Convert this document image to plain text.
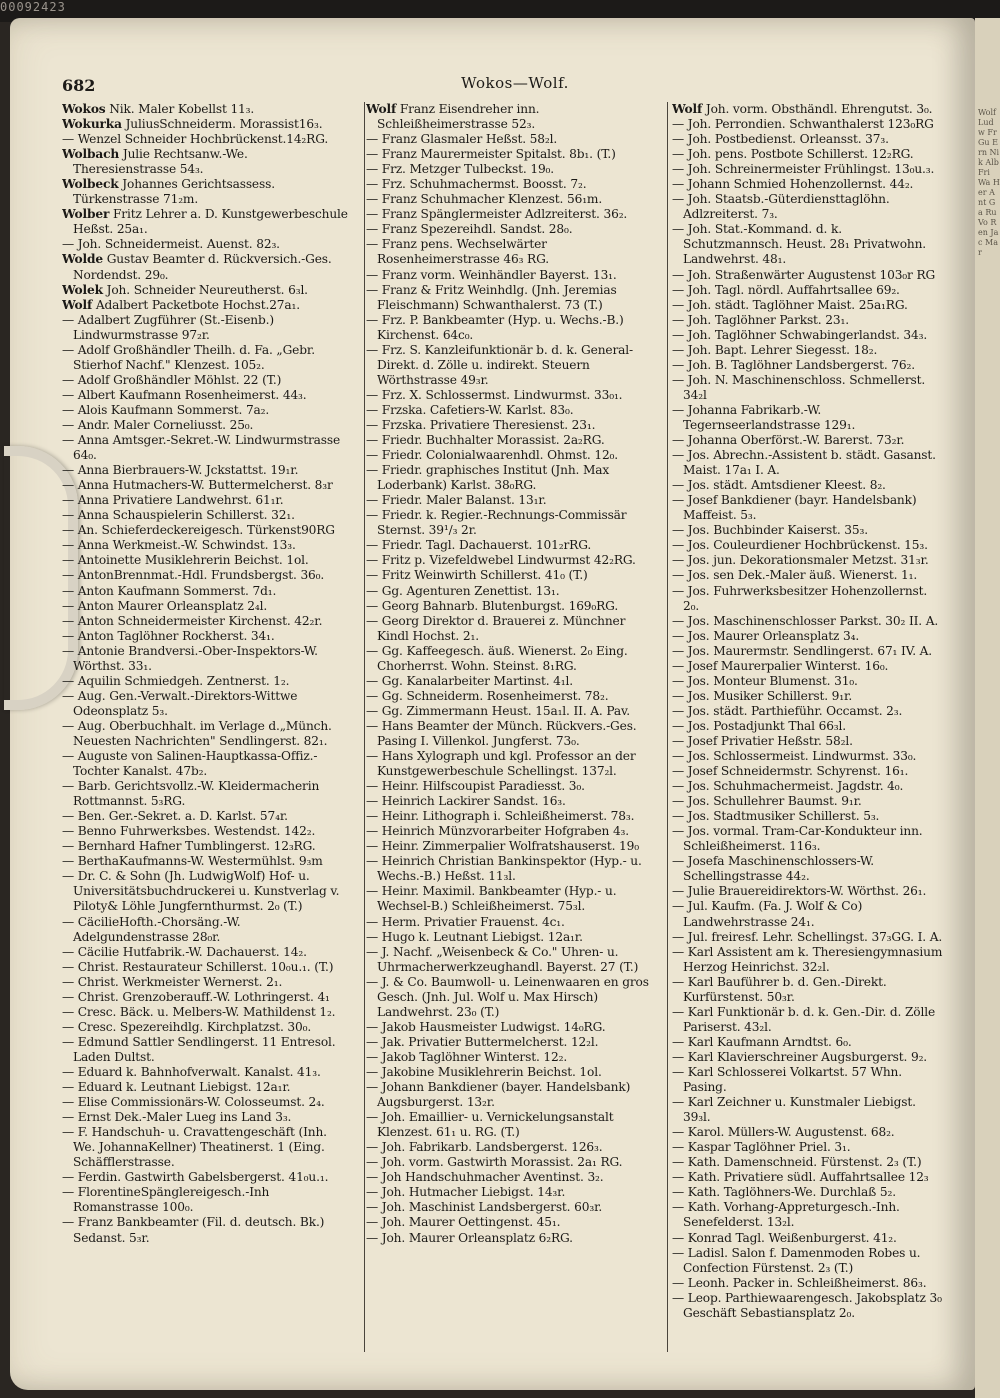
00092423
Wolf Ludw Fr Gu Ern Nik Alb Fri Wa Her Ant Ga Ru Vo Ren Jac Mar
682	Wokos—Wolf.
Wokos Nik. Maler Kobellst 11₃.
Wokurka JuliusSchneiderm. Morassist16₃.
— Wenzel Schneider Hochbrückenst.14₂RG.
Wolbach Julie Rechtsanw.-We. Theresienstrasse 54₃.
Wolbeck Johannes Gerichtsassess. Türkenstrasse 71₂m.
Wolber Fritz Lehrer a. D. Kunstgewerbeschule Heßst. 25a₁.
— Joh. Schneidermeist. Auenst. 82₃.
Wolde Gustav Beamter d. Rückversich.-Ges. Nordendst. 29₀.
Wolek Joh. Schneider Neureutherst. 6₃l.
Wolf Adalbert Packetbote Hochst.27a₁.
— Adalbert Zugführer (St.-Eisenb.) Lindwurmstrasse 97₂r.
— Adolf Großhändler Theilh. d. Fa. „Gebr. Stierhof Nachf." Klenzest. 105₂.
— Adolf Großhändler Möhlst. 22 (T.)
— Albert Kaufmann Rosenheimerst. 44₃.
— Alois Kaufmann Sommerst. 7a₂.
— Andr. Maler Corneliusst. 25₀.
— Anna Amtsger.-Sekret.-W. Lindwurmstrasse 64₀.
— Anna Bierbrauers-W. Jckstattst. 19₁r.
— Anna Hutmachers-W. Buttermelcherst. 8₃r
— Anna Privatiere Landwehrst. 61₁r.
— Anna Schauspielerin Schillerst. 32₁.
— An. Schieferdeckereigesch. Türkenst90RG
— Anna Werkmeist.-W. Schwindst. 13₃.
— Antoinette Musiklehrerin Beichst. 1ol.
— AntonBrennmat.-Hdl. Frundsbergst. 36₀.
— Anton Kaufmann Sommerst. 7d₁.
— Anton Maurer Orleansplatz 2₄l.
— Anton Schneidermeister Kirchenst. 42₂r.
— Anton Taglöhner Rockherst. 34₁.
— Antonie Brandversi.-Ober-Inspektors-W. Wörthst. 33₁.
— Aquilin Schmiedgeh. Zentnerst. 1₂.
— Aug. Gen.-Verwalt.-Direktors-Wittwe Odeonsplatz 5₃.
— Aug. Oberbuchhalt. im Verlage d.„Münch. Neuesten Nachrichten" Sendlingerst. 82₁.
— Auguste von Salinen-Hauptkassa-Offiz.-Tochter Kanalst. 47b₂.
— Barb. Gerichtsvollz.-W. Kleidermacherin Rottmannst. 5₃RG.
— Ben. Ger.-Sekret. a. D. Karlst. 57₄r.
— Benno Fuhrwerksbes. Westendst. 142₂.
— Bernhard Hafner Tumblingerst. 12₃RG.
— BerthaKaufmanns-W. Westermühlst. 9₃m
— Dr. C. & Sohn (Jh. LudwigWolf) Hof- u. Universitätsbuchdruckerei u. Kunstverlag v. Piloty& Löhle Jungfernthurmst. 2₀ (T.)
— CäcilieHofth.-Chorsäng.-W. Adelgundenstrasse 28₀r.
— Cäcilie Hutfabrik.-W. Dachauerst. 14₂.
— Christ. Restaurateur Schillerst. 10₀u.₁. (T.)
— Christ. Werkmeister Wernerst. 2₁.
— Christ. Grenzoberauff.-W. Lothringerst. 4₁
— Cresc. Bäck. u. Melbers-W. Mathildenst 1₂.
— Cresc. Spezereihdlg. Kirchplatzst. 30₀.
— Edmund Sattler Sendlingerst. 11 Entresol. Laden Dultst.
— Eduard k. Bahnhofverwalt. Kanalst. 41₃.
— Eduard k. Leutnant Liebigst. 12a₁r.
— Elise Commissionärs-W. Colosseumst. 2₄.
— Ernst Dek.-Maler Lueg ins Land 3₃.
— F. Handschuh- u. Cravattengeschäft (Inh. We. JohannaKellner) Theatinerst. 1 (Eing. Schäfflerstrasse.
— Ferdin. Gastwirth Gabelsbergerst. 41₀u.₁.
— FlorentineSpänglereigesch.-Inh Romanstrasse 100₀.
— Franz Bankbeamter (Fil. d. deutsch. Bk.) Sedanst. 5₃r.
Wolf Franz Eisendreher inn. Schleißheimerstrasse 52₃.
— Franz Glasmaler Heßst. 58₂l.
— Franz Maurermeister Spitalst. 8b₁. (T.)
— Frz. Metzger Tulbeckst. 19₀.
— Frz. Schuhmachermst. Boosst. 7₂.
— Franz Schuhmacher Klenzest. 56₁m.
— Franz Spänglermeister Adlzreiterst. 36₂.
— Franz Spezereihdl. Sandst. 28₀.
— Franz pens. Wechselwärter Rosenheimerstrasse 46₃ RG.
— Franz vorm. Weinhändler Bayerst. 13₁.
— Franz & Fritz Weinhdlg. (Jnh. Jeremias Fleischmann) Schwanthalerst. 73 (T.)
— Frz. P. Bankbeamter (Hyp. u. Wechs.-B.) Kirchenst. 64c₀.
— Frz. S. Kanzleifunktionär b. d. k. General-Direkt. d. Zölle u. indirekt. Steuern Wörthstrasse 49₃r.
— Frz. X. Schlossermst. Lindwurmst. 33₀₁.
— Frzska. Cafetiers-W. Karlst. 83₀.
— Frzska. Privatiere Theresienst. 23₁.
— Friedr. Buchhalter Morassist. 2a₂RG.
— Friedr. Colonialwaarenhdl. Ohmst. 12₀.
— Friedr. graphisches Institut (Jnh. Max Loderbank) Karlst. 38₀RG.
— Friedr. Maler Balanst. 13₁r.
— Friedr. k. Regier.-Rechnungs-Commissär Sternst. 39¹/₃ 2r.
— Friedr. Tagl. Dachauerst. 101₂rRG.
— Fritz p. Vizefeldwebel Lindwurmst 42₂RG.
— Fritz Weinwirth Schillerst. 41₀ (T.)
— Gg. Agenturen Zenettist. 13₁.
— Georg Bahnarb. Blutenburgst. 169₀RG.
— Georg Direktor d. Brauerei z. Münchner Kindl Hochst. 2₁.
— Gg. Kaffeegesch. äuß. Wienerst. 2₀ Eing. Chorherrst. Wohn. Steinst. 8₁RG.
— Gg. Kanalarbeiter Martinst. 4₁l.
— Gg. Schneiderm. Rosenheimerst. 78₂.
— Gg. Zimmermann Heust. 15a₁l. II. A. Pav.
— Hans Beamter der Münch. Rückvers.-Ges. Pasing I. Villenkol. Jungferst. 73₀.
— Hans Xylograph und kgl. Professor an der Kunstgewerbeschule Schellingst. 137₂l.
— Heinr. Hilfscoupist Paradiesst. 3₀.
— Heinrich Lackirer Sandst. 16₃.
— Heinr. Lithograph i. Schleißheimerst. 78₃.
— Heinrich Münzvorarbeiter Hofgraben 4₃.
— Heinr. Zimmerpalier Wolfratshauserst. 19₀
— Heinrich Christian Bankinspektor (Hyp.- u. Wechs.-B.) Heßst. 11₃l.
— Heinr. Maximil. Bankbeamter (Hyp.- u. Wechsel-B.) Schleißheimerst. 75₃l.
— Herm. Privatier Frauenst. 4c₁.
— Hugo k. Leutnant Liebigst. 12a₁r.
— J. Nachf. „Weisenbeck & Co." Uhren- u. Uhrmacherwerkzeughandl. Bayerst. 27 (T.)
— J. & Co. Baumwoll- u. Leinenwaaren en gros Gesch. (Jnh. Jul. Wolf u. Max Hirsch) Landwehrst. 23₀ (T.)
— Jakob Hausmeister Ludwigst. 14₀RG.
— Jak. Privatier Buttermelcherst. 12₂l.
— Jakob Taglöhner Winterst. 12₂.
— Jakobine Musiklehrerin Beichst. 1ol.
— Johann Bankdiener (bayer. Handelsbank) Augsburgerst. 13₂r.
— Joh. Emaillier- u. Vernickelungsanstalt Klenzest. 61₁ u. RG. (T.)
— Joh. Fabrikarb. Landsbergerst. 126₃.
— Joh. vorm. Gastwirth Morassist. 2a₁ RG.
— Joh Handschuhmacher Aventinst. 3₂.
— Joh. Hutmacher Liebigst. 14₃r.
— Joh. Maschinist Landsbergerst. 60₃r.
— Joh. Maurer Oettingenst. 45₁.
— Joh. Maurer Orleansplatz 6₂RG.
Wolf Joh. vorm. Obsthändl. Ehrengutst. 3₀.
— Joh. Perrondien. Schwanthalerst 123₀RG
— Joh. Postbedienst. Orleansst. 37₃.
— Joh. pens. Postbote Schillerst. 12₂RG.
— Joh. Schreinermeister Frühlingst. 13₀u.₃.
— Johann Schmied Hohenzollernst. 44₂.
— Joh. Staatsb.-Güterdiensttaglöhn. Adlzreiterst. 7₃.
— Joh. Stat.-Kommand. d. k. Schutzmannsch. Heust. 28₁ Privatwohn. Landwehrst. 48₁.
— Joh. Straßenwärter Augustenst 103₀r RG
— Joh. Tagl. nördl. Auffahrtsallee 69₂.
— Joh. städt. Taglöhner Maist. 25a₁RG.
— Joh. Taglöhner Parkst. 23₁.
— Joh. Taglöhner Schwabingerlandst. 34₃.
— Joh. Bapt. Lehrer Siegesst. 18₂.
— Joh. B. Taglöhner Landsbergerst. 76₂.
— Joh. N. Maschinenschloss. Schmellerst. 34₂l
— Johanna Fabrikarb.-W. Tegernseerlandstrasse 129₁.
— Johanna Oberförst.-W. Barerst. 73₂r.
— Jos. Abrechn.-Assistent b. städt. Gasanst. Maist. 17a₁ I. A.
— Jos. städt. Amtsdiener Kleest. 8₂.
— Josef Bankdiener (bayr. Handelsbank) Maffeist. 5₃.
— Jos. Buchbinder Kaiserst. 35₃.
— Jos. Couleurdiener Hochbrückenst. 15₃.
— Jos. jun. Dekorationsmaler Metzst. 31₃r.
— Jos. sen Dek.-Maler äuß. Wienerst. 1₁.
— Jos. Fuhrwerksbesitzer Hohenzollernst. 2₀.
— Jos. Maschinenschlosser Parkst. 30₂ II. A.
— Jos. Maurer Orleansplatz 3₄.
— Jos. Maurermstr. Sendlingerst. 67₁ IV. A.
— Josef Maurerpalier Winterst. 16₀.
— Jos. Monteur Blumenst. 31₀.
— Jos. Musiker Schillerst. 9₁r.
— Jos. städt. Parthieführ. Occamst. 2₃.
— Jos. Postadjunkt Thal 66₃l.
— Josef Privatier Heßstr. 58₂l.
— Jos. Schlossermeist. Lindwurmst. 33₀.
— Josef Schneidermstr. Schyrenst. 16₁.
— Jos. Schuhmachermeist. Jagdstr. 4₀.
— Jos. Schullehrer Baumst. 9₁r.
— Jos. Stadtmusiker Schillerst. 5₃.
— Jos. vormal. Tram-Car-Kondukteur inn. Schleißheimerst. 116₃.
— Josefa Maschinenschlossers-W. Schellingstrasse 44₂.
— Julie Brauereidirektors-W. Wörthst. 26₁.
— Jul. Kaufm. (Fa. J. Wolf & Co) Landwehrstrasse 24₁.
— Jul. freiresf. Lehr. Schellingst. 37₃GG. I. A.
— Karl Assistent am k. Theresiengymnasium Herzog Heinrichst. 32₂l.
— Karl Bauführer b. d. Gen.-Direkt. Kurfürstenst. 50₃r.
— Karl Funktionär b. d. k. Gen.-Dir. d. Zölle Pariserst. 43₂l.
— Karl Kaufmann Arndtst. 6₀.
— Karl Klavierschreiner Augsburgerst. 9₂.
— Karl Schlosserei Volkartst. 57 Whn. Pasing.
— Karl Zeichner u. Kunstmaler Liebigst. 39₃l.
— Karol. Müllers-W. Augustenst. 68₂.
— Kaspar Taglöhner Priel. 3₁.
— Kath. Damenschneid. Fürstenst. 2₃ (T.)
— Kath. Privatiere südl. Auffahrtsallee 12₃
— Kath. Taglöhners-We. Durchlaß 5₂.
— Kath. Vorhang-Appreturgesch.-Inh. Senefelderst. 13₂l.
— Konrad Tagl. Weißenburgerst. 41₂.
— Ladisl. Salon f. Damenmoden Robes u. Confection Fürstenst. 2₃ (T.)
— Leonh. Packer in. Schleißheimerst. 86₃.
— Leop. Parthiewaarengesch. Jakobsplatz 3₀ Geschäft Sebastiansplatz 2₀.
